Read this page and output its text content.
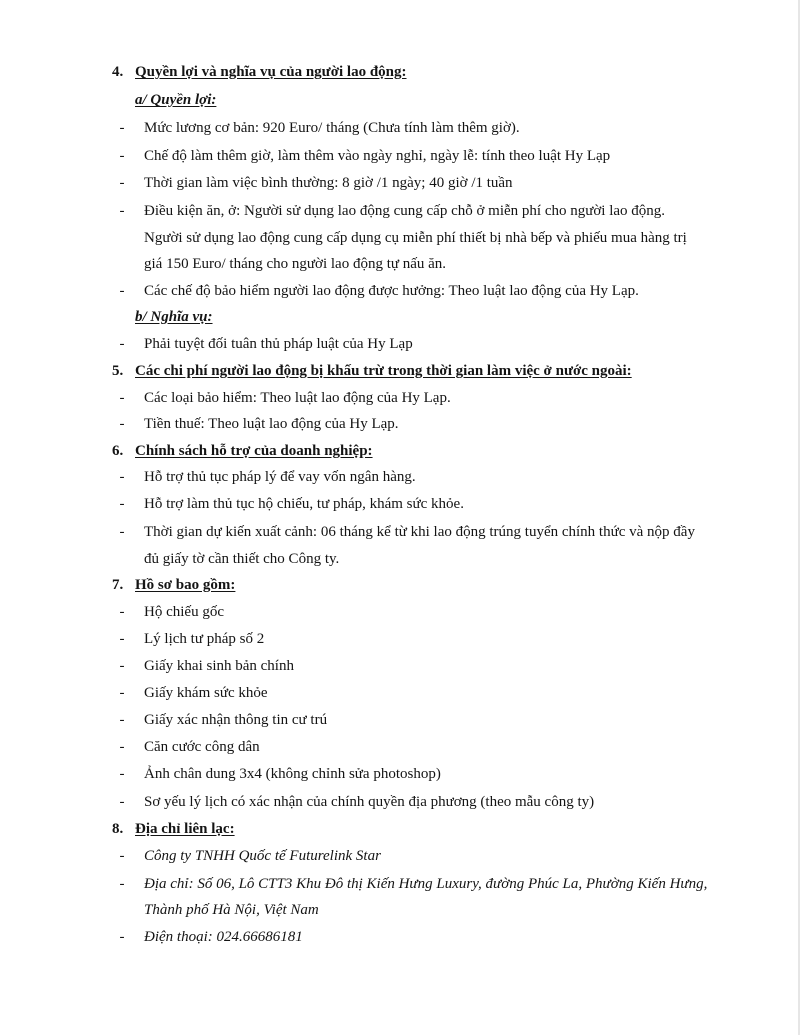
4. Quyền lợi và nghĩa vụ của người lao động:
a/ Quyền lợi:
-	Mức lương cơ bản: 920 Euro/ tháng (Chưa tính làm thêm giờ).
-	Chế độ làm thêm giờ, làm thêm vào ngày nghỉ, ngày lễ: tính theo luật Hy Lạp
-	Thời gian làm việc bình thường: 8 giờ /1 ngày; 40 giờ /1 tuần
-	Điều kiện ăn, ở: Người sử dụng lao động cung cấp chỗ ở miễn phí cho người lao động.
Người sử dụng lao động cung cấp dụng cụ miễn phí thiết bị nhà bếp và phiếu mua hàng trị
giá 150 Euro/ tháng cho người lao động tự nấu ăn.
-	Các chế độ bảo hiểm người lao động được hưởng: Theo luật lao động của Hy Lạp.
b/ Nghĩa vụ:
-	Phải tuyệt đối tuân thủ pháp luật của Hy Lạp
5. Các chi phí người lao động bị khấu trừ trong thời gian làm việc ở nước ngoài:
-	Các loại bảo hiểm: Theo luật lao động của Hy Lạp.
-	Tiền thuế: Theo luật lao động của Hy Lạp.
6. Chính sách hỗ trợ của doanh nghiệp:
-	Hỗ trợ thủ tục pháp lý để vay vốn ngân hàng.
-	Hỗ trợ làm thủ tục hộ chiếu, tư pháp, khám sức khỏe.
-	Thời gian dự kiến xuất cảnh: 06 tháng kể từ khi lao động trúng tuyển chính thức và nộp đầy
đủ giấy tờ cần thiết cho Công ty.
7. Hồ sơ bao gồm:
-	Hộ chiếu gốc
-	Lý lịch tư pháp số 2
-	Giấy khai sinh bản chính
-	Giấy khám sức khỏe
-	Giấy xác nhận thông tin cư trú
-	Căn cước công dân
-	Ảnh chân dung 3x4 (không chỉnh sửa photoshop)
-	Sơ yếu lý lịch có xác nhận của chính quyền địa phương (theo mẫu công ty)
8. Địa chỉ liên lạc:
-	Công ty TNHH Quốc tế Futurelink Star
-	Địa chỉ: Số 06, Lô CTT3 Khu Đô thị Kiến Hưng Luxury, đường Phúc La, Phường Kiến Hưng,
Thành phố Hà Nội, Việt Nam
-	Điện thoại: 024.66686181
